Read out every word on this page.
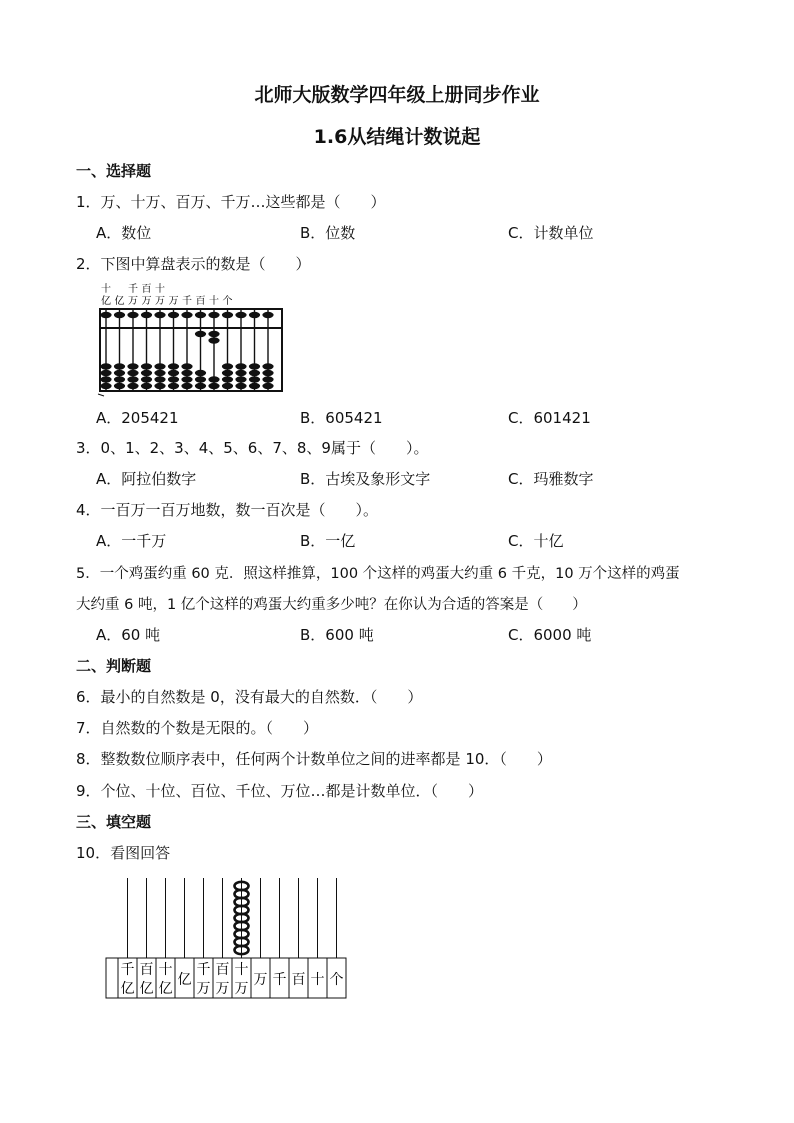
北师大版数学四年级上册同步作业
1.6从结绳计数说起
一、选择题
1．万、十万、百万、千万…这些都是（　　）
A．数位	B．位数	C．计数单位
2．下图中算盘表示的数是（　　）
十 千 百 十
亿 亿 万 万 万 万 千 百 十 个
A．205421	B．605421	C．601421
3．0、1、2、3、4、5、6、7、8、9属于（　　）。
A．阿拉伯数字	B．古埃及象形文字	C．玛雅数字
4．一百万一百万地数，数一百次是（　　）。
A．一千万	B．一亿	C．十亿
5．一个鸡蛋约重 60 克．照这样推算，100 个这样的鸡蛋大约重 6 千克，10 万个这样的鸡蛋
大约重 6 吨，1 亿个这样的鸡蛋大约重多少吨？在你认为合适的答案是（　　）
A．60 吨	B．600 吨	C．6000 吨
二、判断题
6．最小的自然数是 0，没有最大的自然数．（　　）
7．自然数的个数是无限的。（　　）
8．整数数位顺序表中，任何两个计数单位之间的进率都是 10．（　　）
9．个位、十位、百位、千位、万位…都是计数单位．（　　）
三、填空题
10．看图回答
千
亿
百
亿
十
亿
亿
千
万
百
万
十
万
万 千 百 十 个
